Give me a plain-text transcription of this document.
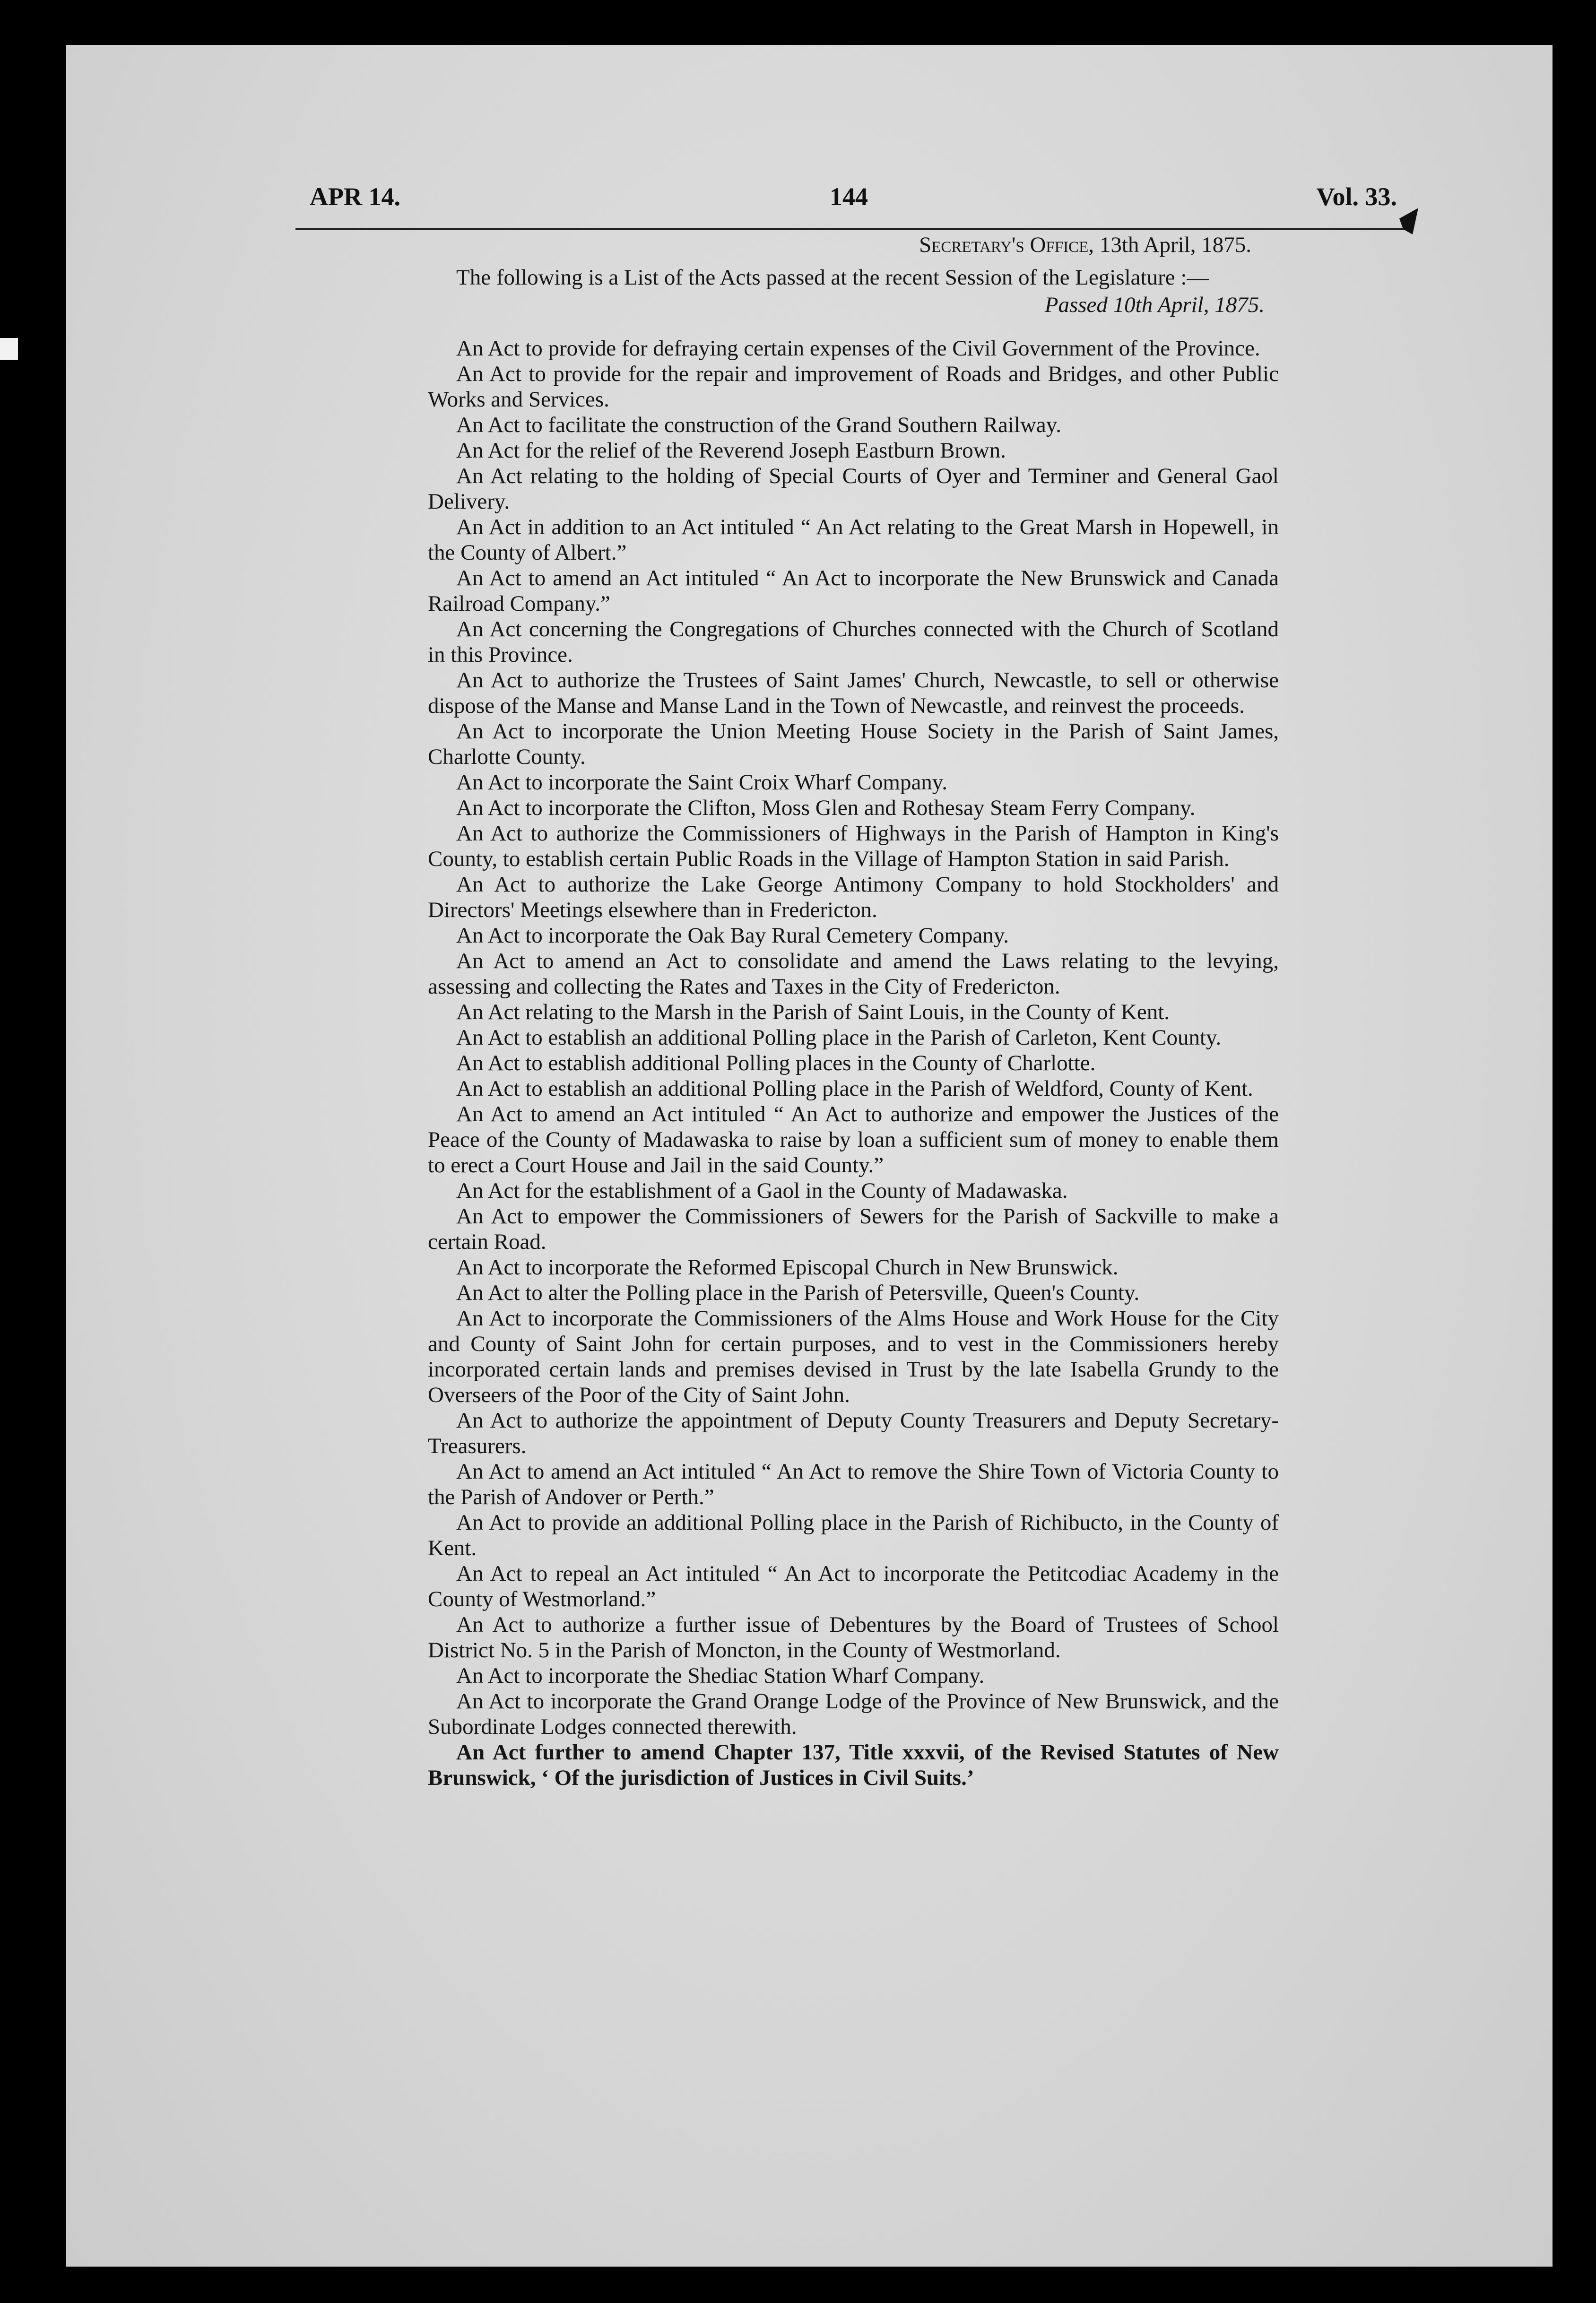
APR 14.	144	Vol. 33.

Secretary's Office, 13th April, 1875.

The following is a List of the Acts passed at the recent Session of the Legislature :—

Passed 10th April, 1875.

An Act to provide for defraying certain expenses of the Civil Government of the Province.

An Act to provide for the repair and improvement of Roads and Bridges, and other Public Works and Services.

An Act to facilitate the construction of the Grand Southern Railway.

An Act for the relief of the Reverend Joseph Eastburn Brown.

An Act relating to the holding of Special Courts of Oyer and Terminer and General Gaol Delivery.

An Act in addition to an Act intituled “ An Act relating to the Great Marsh in Hopewell, in the County of Albert.”

An Act to amend an Act intituled “ An Act to incorporate the New Brunswick and Canada Railroad Company.”

An Act concerning the Congregations of Churches connected with the Church of Scotland in this Province.

An Act to authorize the Trustees of Saint James' Church, Newcastle, to sell or otherwise dispose of the Manse and Manse Land in the Town of Newcastle, and reinvest the proceeds.

An Act to incorporate the Union Meeting House Society in the Parish of Saint James, Charlotte County.

An Act to incorporate the Saint Croix Wharf Company.

An Act to incorporate the Clifton, Moss Glen and Rothesay Steam Ferry Company.

An Act to authorize the Commissioners of Highways in the Parish of Hampton in King's County, to establish certain Public Roads in the Village of Hampton Station in said Parish.

An Act to authorize the Lake George Antimony Company to hold Stockholders' and Directors' Meetings elsewhere than in Fredericton.

An Act to incorporate the Oak Bay Rural Cemetery Company.

An Act to amend an Act to consolidate and amend the Laws relating to the levying, assessing and collecting the Rates and Taxes in the City of Fredericton.

An Act relating to the Marsh in the Parish of Saint Louis, in the County of Kent.

An Act to establish an additional Polling place in the Parish of Carleton, Kent County.

An Act to establish additional Polling places in the County of Charlotte.

An Act to establish an additional Polling place in the Parish of Weldford, County of Kent.

An Act to amend an Act intituled “ An Act to authorize and empower the Justices of the Peace of the County of Madawaska to raise by loan a sufficient sum of money to enable them to erect a Court House and Jail in the said County.”

An Act for the establishment of a Gaol in the County of Madawaska.

An Act to empower the Commissioners of Sewers for the Parish of Sackville to make a certain Road.

An Act to incorporate the Reformed Episcopal Church in New Brunswick.

An Act to alter the Polling place in the Parish of Petersville, Queen's County.

An Act to incorporate the Commissioners of the Alms House and Work House for the City and County of Saint John for certain purposes, and to vest in the Commissioners hereby incorporated certain lands and premises devised in Trust by the late Isabella Grundy to the Overseers of the Poor of the City of Saint John.

An Act to authorize the appointment of Deputy County Treasurers and Deputy Secretary-Treasurers.

An Act to amend an Act intituled “ An Act to remove the Shire Town of Victoria County to the Parish of Andover or Perth.”

An Act to provide an additional Polling place in the Parish of Richibucto, in the County of Kent.

An Act to repeal an Act intituled “ An Act to incorporate the Petitcodiac Academy in the County of Westmorland.”

An Act to authorize a further issue of Debentures by the Board of Trustees of School District No. 5 in the Parish of Moncton, in the County of Westmorland.

An Act to incorporate the Shediac Station Wharf Company.

An Act to incorporate the Grand Orange Lodge of the Province of New Brunswick, and the Subordinate Lodges connected therewith.

An Act further to amend Chapter 137, Title xxxvii, of the Revised Statutes of New Brunswick, ‘ Of the jurisdiction of Justices in Civil Suits.’
